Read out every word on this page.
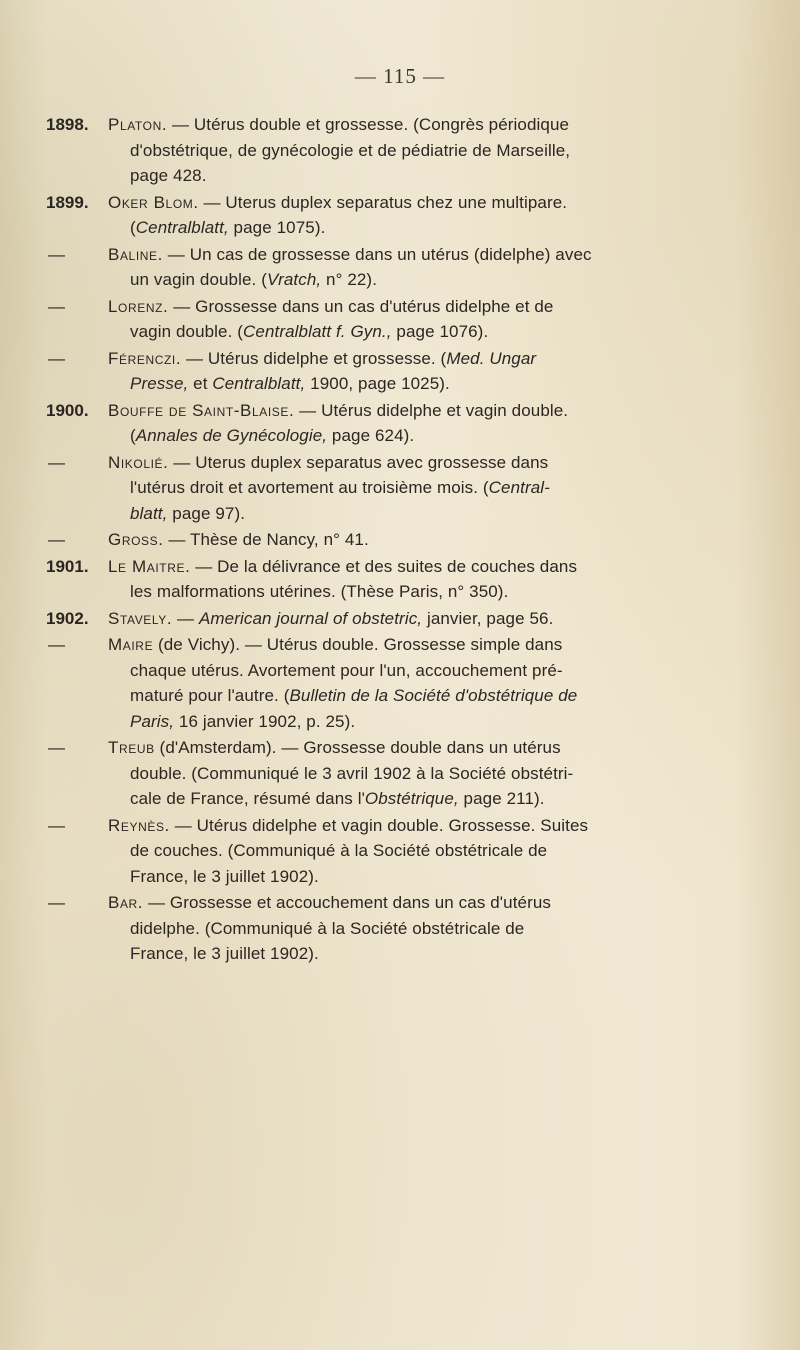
— 115 —
1898.	Platon. — Utérus double et grossesse. (Congrès périodique
d'obstétrique, de gynécologie et de pédiatrie de Marseille,
page 428.
1899.	Oker Blom. — Uterus duplex separatus chez une multipare.
(Centralblatt, page 1075).
—	Baline. — Un cas de grossesse dans un utérus (didelphe) avec
un vagin double. (Vratch, n° 22).
—	Lorenz. — Grossesse dans un cas d'utérus didelphe et de
vagin double. (Centralblatt f. Gyn., page 1076).
—	Férenczi. — Utérus didelphe et grossesse. (Med. Ungar
Presse, et Centralblatt, 1900, page 1025).
1900.	Bouffe de Saint-Blaise. — Utérus didelphe et vagin double.
(Annales de Gynécologie, page 624).
—	Nikolié. — Uterus duplex separatus avec grossesse dans
l'utérus droit et avortement au troisième mois. (Central-
blatt, page 97).
—	Gross. — Thèse de Nancy, n° 41.
1901.	Le Maitre. — De la délivrance et des suites de couches dans
les malformations utérines. (Thèse Paris, n° 350).
1902.	Stavely. — American journal of obstetric, janvier, page 56.
—	Maire (de Vichy). — Utérus double. Grossesse simple dans
chaque utérus. Avortement pour l'un, accouchement pré-
maturé pour l'autre. (Bulletin de la Société d'obstétrique de
Paris, 16 janvier 1902, p. 25).
—	Treub (d'Amsterdam). — Grossesse double dans un utérus
double. (Communiqué le 3 avril 1902 à la Société obstétri-
cale de France, résumé dans l'Obstétrique, page 211).
—	Reynès. — Utérus didelphe et vagin double. Grossesse. Suites
de couches. (Communiqué à la Société obstétricale de
France, le 3 juillet 1902).
—	Bar. — Grossesse et accouchement dans un cas d'utérus
didelphe. (Communiqué à la Société obstétricale de
France, le 3 juillet 1902).
